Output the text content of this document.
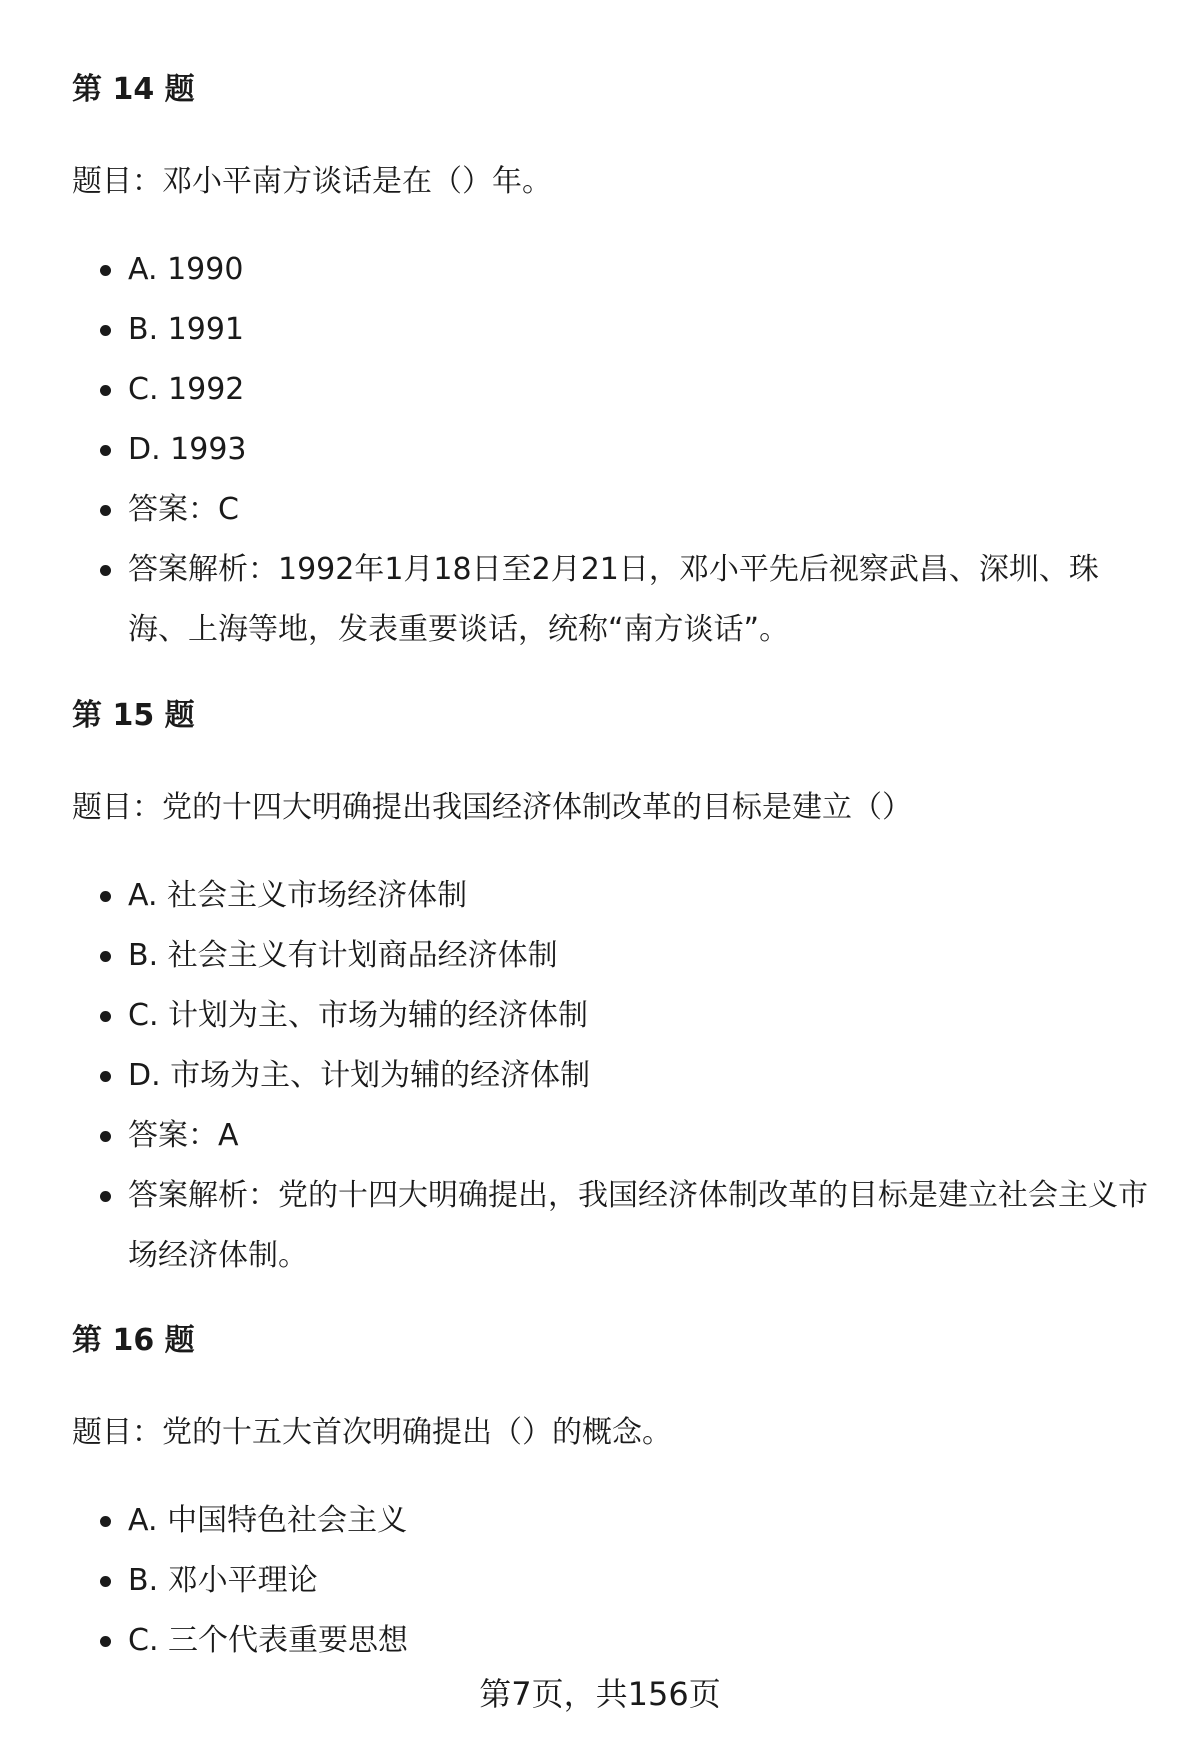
第 14 题

题目：邓小平南方谈话是在（）年。

A. 1990
B. 1991
C. 1992
D. 1993
答案：C
答案解析：1992年1月18日至2月21日，邓小平先后视察武昌、深圳、珠海、上海等地，发表重要谈话，统称“南方谈话”。
第 15 题

题目：党的十四大明确提出我国经济体制改革的目标是建立（）

A. 社会主义市场经济体制
B. 社会主义有计划商品经济体制
C. 计划为主、市场为辅的经济体制
D. 市场为主、计划为辅的经济体制
答案：A
答案解析：党的十四大明确提出，我国经济体制改革的目标是建立社会主义市场经济体制。
第 16 题

题目：党的十五大首次明确提出（）的概念。

A. 中国特色社会主义
B. 邓小平理论
C. 三个代表重要思想
第7页，共156页
